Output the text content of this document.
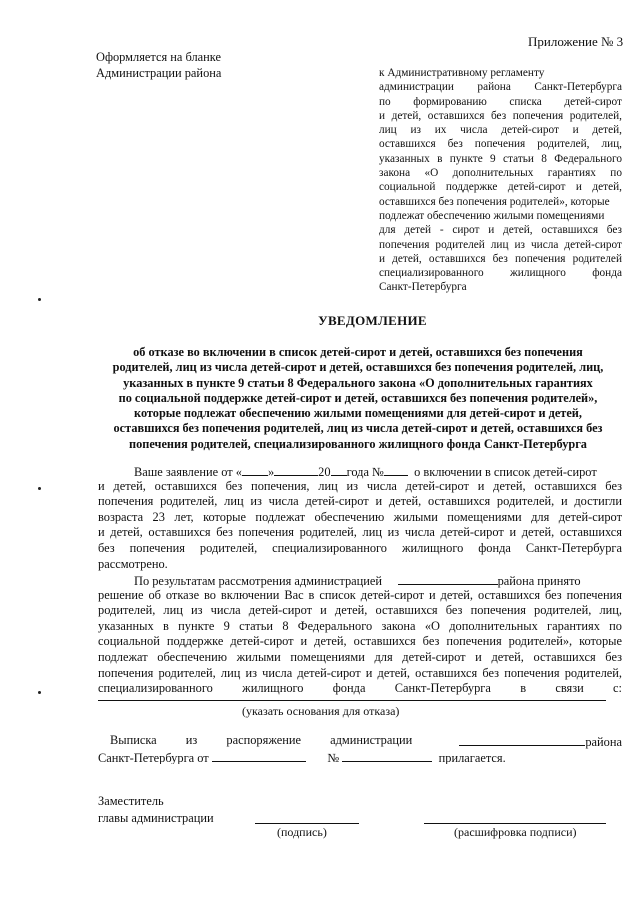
Приложение № 3
Оформляется на бланке
Администрации района	к Административному регламенту
администрации района Санкт-Петербурга
по формированию списка детей-сирот
и детей, оставшихся без попечения родителей,
лиц из их числа детей-сирот и детей,
оставшихся без попечения родителей, лиц,
указанных в пункте 9 статьи 8 Федерального
закона «О дополнительных гарантиях по
социальной поддержке детей-сирот и детей,
оставшихся без попечения родителей», которые
подлежат обеспечению жилыми помещениями
для детей - сирот и детей, оставшихся без
попечения родителей лиц из числа детей-сирот
и детей, оставшихся без попечения родителей
специализированного жилищного фонда
Санкт-Петербурга
УВЕДОМЛЕНИЕ
об отказе во включении в список детей-сирот и детей, оставшихся без попечения
родителей, лиц из числа детей-сирот и детей, оставшихся без попечения родителей, лиц,
указанных в пункте 9 статьи 8 Федерального закона «О дополнительных гарантиях
по социальной поддержке детей-сирот и детей, оставшихся без попечения родителей»,
которые подлежат обеспечению жилыми помещениями для детей-сирот и детей,
оставшихся без попечения родителей, лиц из числа детей-сирот и детей, оставшихся без
попечения родителей, специализированного жилищного фонда Санкт-Петербурга
Ваше заявление от « »	20 года № о включении в список детей-сирот
и детей, оставшихся без попечения, лиц из числа детей-сирот и детей, оставшихся без
попечения родителей, лиц из числа детей-сирот и детей, оставшихся родителей, и достигли
возраста 23 лет, которые подлежат обеспечению жилыми помещениями для детей-сирот
и детей, оставшихся без попечения родителей, лиц из числа детей-сирот и детей, оставшихся
без попечения родителей, специализированного жилищного фонда Санкт-Петербурга
рассмотрено.
По результатам рассмотрения администрацией	района принято
решение об отказе во включении Вас в список детей-сирот и детей, оставшихся без попечения
родителей, лиц из числа детей-сирот и детей, оставшихся без попечения родителей, лиц,
указанных в пункте 9 статьи 8 Федерального закона «О дополнительных гарантиях по
социальной поддержке детей-сирот и детей, оставшихся без попечения родителей», которые
подлежат обеспечению жилыми помещениями для детей-сирот и детей, оставшихся без
попечения родителей, лиц из числа детей-сирот и детей, оставшихся без попечения родителей,
специализированного жилищного фонда Санкт-Петербурга в связи с:
(указать основания для отказа)
Выписка из распоряжение администрации	района
Санкт-Петербурга от	№	прилагается.
Заместитель
главы администрации
(подпись)	(расшифровка подписи)
